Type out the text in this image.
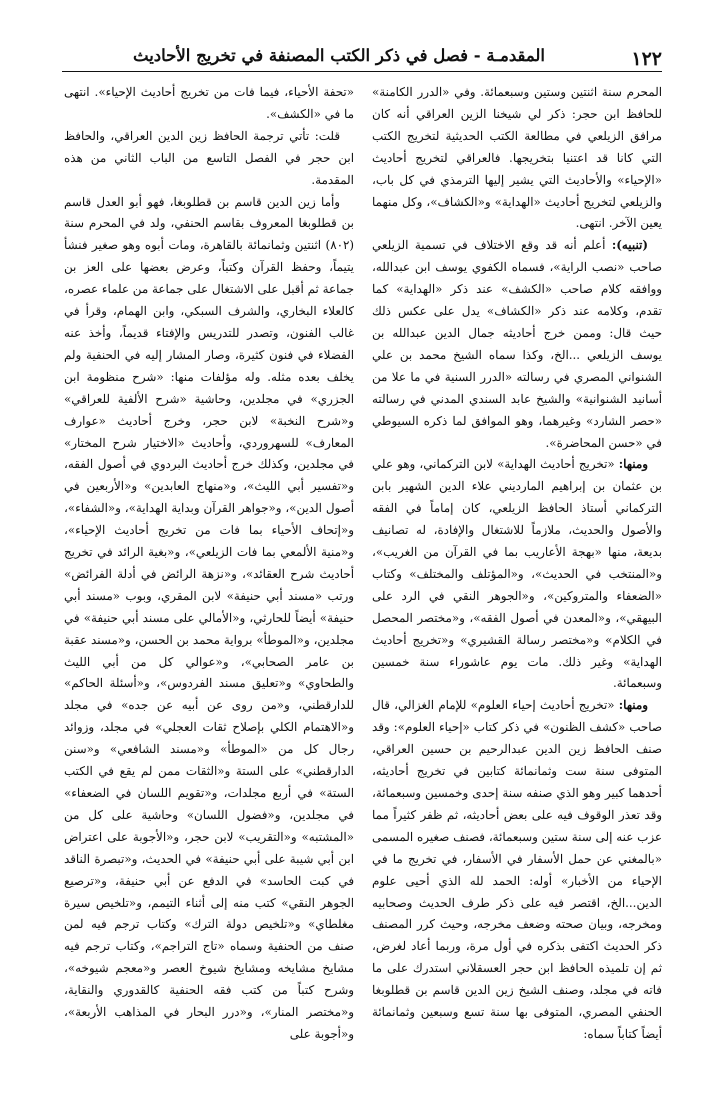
١٢٢
المقدمـة - فصل في ذكر الكتب المصنفة في تخريج الأحاديث

المحرم سنة اثنتين وستين وسبعمائة. وفي «الدرر الكامنة» للحافظ ابن حجر: ذكر لي شيخنا الزين العراقي أنه كان مرافق الزيلعي في مطالعة الكتب الحديثية لتخريج الكتب التي كانا قد اعتنيا بتخريجها. فالعراقي لتخريج أحاديث «الإحياء» والأحاديث التي يشير إليها الترمذي في كل باب، والزيلعي لتخريج أحاديث «الهداية» و«الكشاف»، وكل منهما يعين الآخر. انتهى.

(تنبيه): أعلم أنه قد وقع الاختلاف في تسمية الزيلعي صاحب «نصب الراية»، فسماه الكفوي يوسف ابن عبدالله، ووافقه كلام صاحب «الكشف» عند ذكر «الهداية» كما تقدم، وكلامه عند ذكر «الكشاف» يدل على عكس ذلك حيث قال: وممن خرج أحاديثه جمال الدين عبدالله بن يوسف الزيلعي ...الخ، وكذا سماه الشيخ محمد بن علي الشنواني المصري في رسالته «الدرر السنية في ما علا من أسانيد الشنوانية» والشيخ عابد السندي المدني في رسالته «حصر الشارد» وغيرهما، وهو الموافق لما ذكره السيوطي في «حسن المحاضرة».

ومنها: «تخريج أحاديث الهداية» لابن التركماني، وهو علي بن عثمان بن إبراهيم المارديني علاء الدين الشهير بابن التركماني أستاذ الحافظ الزيلعي، كان إماماً في الفقه والأصول والحديث، ملازماً للاشتغال والإفادة، له تصانيف بديعة، منها «بهجة الأعاريب بما في القرآن من الغريب»، و«المنتخب في الحديث»، و«المؤتلف والمختلف» وكتاب «الضعفاء والمتروكين»، و«الجوهر النقي في الرد على البيهقي»، و«المعدن في أصول الفقه»، و«مختصر المحصل في الكلام» و«مختصر رسالة القشيري» و«تخريج أحاديث الهداية» وغير ذلك. مات يوم عاشوراء سنة خمسين وسبعمائة.

ومنها: «تخريج أحاديث إحياء العلوم» للإمام الغزالي، قال صاحب «كشف الظنون» في ذكر كتاب «إحياء العلوم»: وقد صنف الحافظ زين الدين عبدالرحيم بن حسين العراقي، المتوفى سنة ست وثمانمائة كتابين في تخريج أحاديثه، أحدهما كبير وهو الذي صنفه سنة إحدى وخمسين وسبعمائة، وقد تعذر الوقوف فيه على بعض أحاديثه، ثم ظفر كثيراً مما عزب عنه إلى سنة ستين وسبعمائة، فصنف صغيره المسمى «بالمغني عن حمل الأسفار في الأسفار، في تخريج ما في الإحياء من الأخبار» أوله: الحمد لله الذي أحيى علوم الدين...الخ، اقتصر فيه على ذكر طرف الحديث وصحابيه ومخرجه، وبيان صحته وضعف مخرجه، وحيث كرر المصنف ذكر الحديث اكتفى بذكره في أول مرة، وربما أعاد لغرض، ثم إن تلميذه الحافظ ابن حجر العسقلاني استدرك على ما فاته في مجلد، وصنف الشيخ زين الدين قاسم بن قطلوبغا الحنفي المصري، المتوفى بها سنة تسع وسبعين وثمانمائة أيضاً كتاباً سماه:

«تحفة الأحياء، فيما فات من تخريج أحاديث الإحياء». انتهى ما في «الكشف».

قلت: تأتي ترجمة الحافظ زين الدين العراقي، والحافظ ابن حجر في الفصل التاسع من الباب الثاني من هذه المقدمة.

وأما زين الدين قاسم بن قطلوبغا، فهو أبو العدل قاسم بن قطلوبغا المعروف بقاسم الحنفي، ولد في المحرم سنة (٨٠٢) اثنتين وثمانمائة بالقاهرة، ومات أبوه وهو صغير فنشأ يتيماً، وحفظ القرآن وكتباً، وعرض بعضها على العز بن جماعة ثم أقبل على الاشتغال على جماعة من علماء عصره، كالعلاء البخاري، والشرف السبكي، وابن الهمام، وقرأ في غالب الفنون، وتصدر للتدريس والإفتاء قديماً، وأخذ عنه الفضلاء في فنون كثيرة، وصار المشار إليه في الحنفية ولم يخلف بعده مثله. وله مؤلفات منها: «شرح منظومة ابن الجزري» في مجلدين، وحاشية «شرح الألفية للعراقي» و«شرح النخبة» لابن حجر، وخرج أحاديث «عوارف المعارف» للسهروردي، وأحاديث «الاختيار شرح المختار» في مجلدين، وكذلك خرج أحاديث البردوي في أصول الفقه، و«تفسير أبي الليث»، و«منهاج العابدين» و«الأربعين في أصول الدين»، و«جواهر القرآن وبداية الهداية»، و«الشفاء»، و«إتحاف الأحياء بما فات من تخريج أحاديث الإحياء»، و«منية الألمعي بما فات الزيلعي»، و«بغية الرائد في تخريج أحاديث شرح العقائد»، و«نزهة الرائض في أدلة الفرائض» ورتب «مسند أبي حنيفة» لابن المقري، وبوب «مسند أبي حنيفة» أيضاً للحارثي، و«الأمالي على مسند أبي حنيفة» في مجلدين، و«الموطأ» برواية محمد بن الحسن، و«مسند عقبة بن عامر الصحابي»، و«عوالي كل من أبي الليث والطحاوي» و«تعليق مسند الفردوس»، و«أسئلة الحاكم» للدارقطني، و«من روى عن أبيه عن جده» في مجلد و«الاهتمام الكلي بإصلاح ثقات العجلي» في مجلد، وزوائد رجال كل من «الموطأ» و«مسند الشافعي» و«سنن الدارقطني» على الستة و«الثقات ممن لم يقع في الكتب الستة» في أربع مجلدات، و«تقويم اللسان في الضعفاء» في مجلدين، و«فضول اللسان» وحاشية على كل من «المشتبه» و«التقريب» لابن حجر، و«الأجوبة على اعتراض ابن أبي شيبة على أبي حنيفة» في الحديث، و«تبصرة الناقد في كبت الحاسد» في الدفع عن أبي حنيفة، و«ترصيع الجوهر النقي» كتب منه إلى أثناء التيمم، و«تلخيص سيرة مغلطاي» و«تلخيص دولة الترك» وكتاب ترجم فيه لمن صنف من الحنفية وسماه «تاج التراجم»، وكتاب ترجم فيه مشايخ مشايخه ومشايخ شيوخ العصر و«معجم شيوخه»، وشرح كتباً من كتب فقه الحنفية كالقدوري والنقاية، و«مختصر المنار»، و«درر البحار في المذاهب الأربعة»، و«أجوبة على
